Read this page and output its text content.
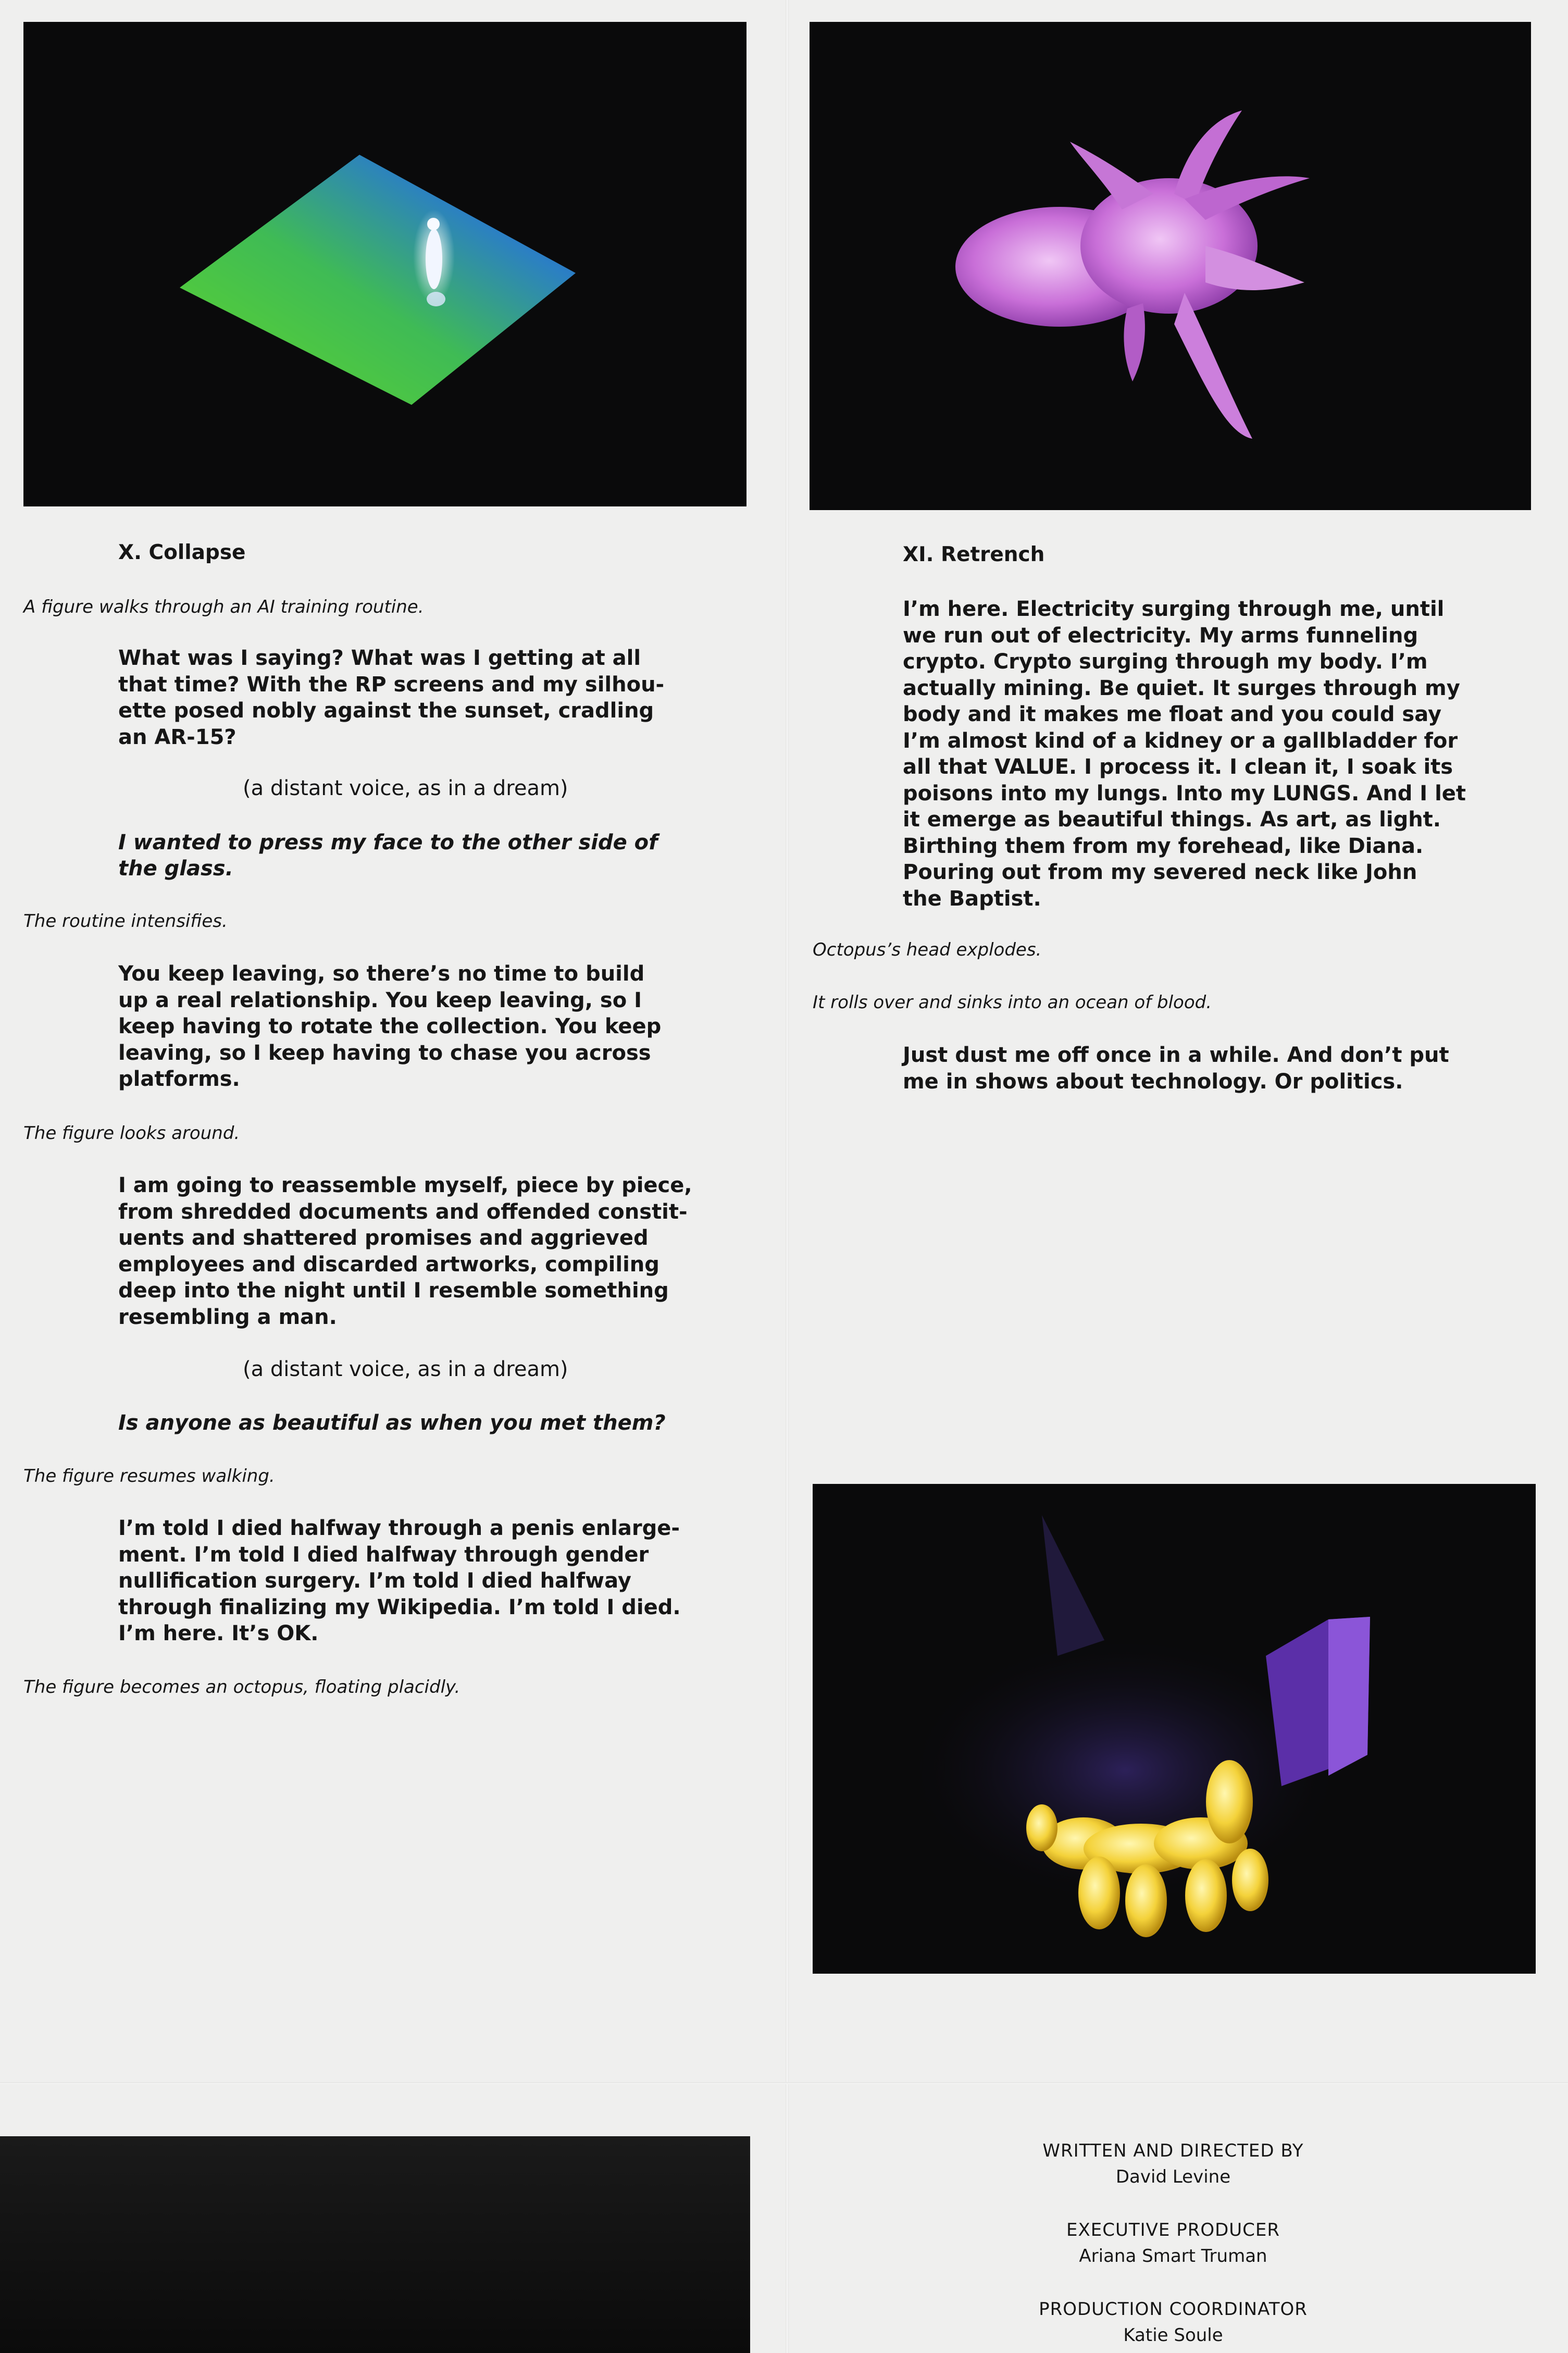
X. Collapse
A figure walks through an AI training routine.
What was I saying? What was I getting at all
that time? With the RP screens and my silhou-
ette posed nobly against the sunset, cradling
an AR-15?
(a distant voice, as in a dream)
I wanted to press my face to the other side of
the glass.
The routine intensifies.
You keep leaving, so there’s no time to build
up a real relationship. You keep leaving, so I
keep having to rotate the collection. You keep
leaving, so I keep having to chase you across
platforms.
The figure looks around.
I am going to reassemble myself, piece by piece,
from shredded documents and offended constit-
uents and shattered promises and aggrieved
employees and discarded artworks, compiling
deep into the night until I resemble something
resembling a man.
(a distant voice, as in a dream)
Is anyone as beautiful as when you met them?
The figure resumes walking.
I’m told I died halfway through a penis enlarge-
ment. I’m told I died halfway through gender
nullification surgery. I’m told I died halfway
through finalizing my Wikipedia. I’m told I died.
I’m here. It’s OK.
The figure becomes an octopus, floating placidly.
XI. Retrench
I’m here. Electricity surging through me, until
we run out of electricity. My arms funneling
crypto. Crypto surging through my body. I’m
actually mining. Be quiet. It surges through my
body and it makes me float and you could say
I’m almost kind of a kidney or a gallbladder for
all that VALUE. I process it. I clean it, I soak its
poisons into my lungs. Into my LUNGS. And I let
it emerge as beautiful things. As art, as light.
Birthing them from my forehead, like Diana.
Pouring out from my severed neck like John
the Baptist.
Octopus’s head explodes.
It rolls over and sinks into an ocean of blood.
Just dust me off once in a while. And don’t put
me in shows about technology. Or politics.
WRITTEN AND DIRECTED BY
David Levine
EXECUTIVE PRODUCER
Ariana Smart Truman
PRODUCTION COORDINATOR
Katie Soule
